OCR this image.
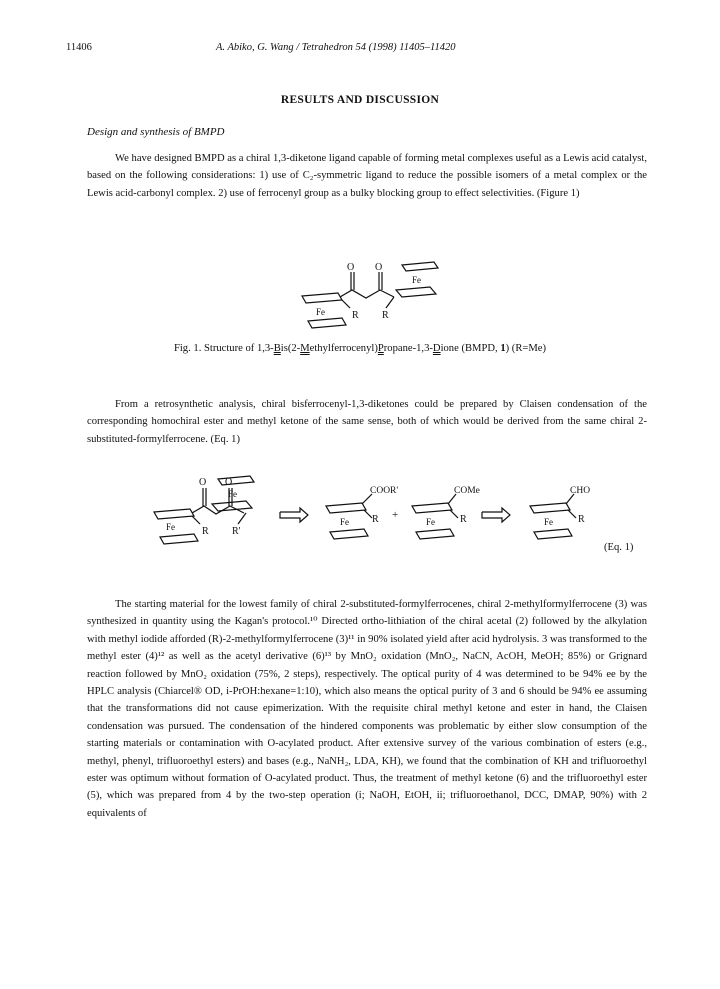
11406	A. Abiko, G. Wang / Tetrahedron 54 (1998) 11405–11420
RESULTS AND DISCUSSION
Design and synthesis of BMPD

We have designed BMPD as a chiral 1,3-diketone ligand capable of forming metal complexes useful as a Lewis acid catalyst, based on the following considerations: 1) use of C₂-symmetric ligand to reduce the possible isomers of a metal complex or the Lewis acid-carbonyl complex. 2) use of ferrocenyl group as a bulky blocking group to effect selectivities. (Figure 1)

O O
Fe
Fe	R R
Fig. 1. Structure of 1,3-Bis(2-Methylferrocenyl)Propane-1,3-Dione (BMPD, 1) (R=Me)

From a retrosynthetic analysis, chiral bisferrocenyl-1,3-diketones could be prepared by Claisen condensation of the corresponding homochiral ester and methyl ketone of the same sense, both of which would be derived from the same chiral 2-substituted-formylferrocene. (Eq. 1)

O O
Fe
Fe	R R'
COOR'
Fe R +
COMe
Fe	R
CHO
Fe	R
(Eq. 1)

The starting material for the lowest family of chiral 2-substituted-formylferrocenes, chiral 2-methylformylferrocene (3) was synthesized in quantity using the Kagan's protocol.¹⁰ Directed ortho-lithiation of the chiral acetal (2) followed by the alkylation with methyl iodide afforded (R)-2-methylformylferrocene (3)¹¹ in 90% isolated yield after acid hydrolysis. 3 was transformed to the methyl ester (4)¹² as well as the acetyl derivative (6)¹³ by MnO₂ oxidation (MnO₂, NaCN, AcOH, MeOH; 85%) or Grignard reaction followed by MnO₂ oxidation (75%, 2 steps), respectively. The optical purity of 4 was determined to be 94% ee by the HPLC analysis (Chiarcel® OD, i-PrOH:hexane=1:10), which also means the optical purity of 3 and 6 should be 94% ee assuming that the transformations did not cause epimerization. With the requisite chiral methyl ketone and ester in hand, the Claisen condensation was pursued. The condensation of the hindered components was problematic by either slow consumption of the starting materials or contamination with O-acylated product. After extensive survey of the various combination of esters (e.g., methyl, phenyl, trifluoroethyl esters) and bases (e.g., NaNH₂, LDA, KH), we found that the combination of KH and trifluoroethyl ester was optimum without formation of O-acylated product. Thus, the treatment of methyl ketone (6) and the trifluoroethyl ester (5), which was prepared from 4 by the two-step operation (i; NaOH, EtOH, ii; trifluoroethanol, DCC, DMAP, 90%) with 2 equivalents of
